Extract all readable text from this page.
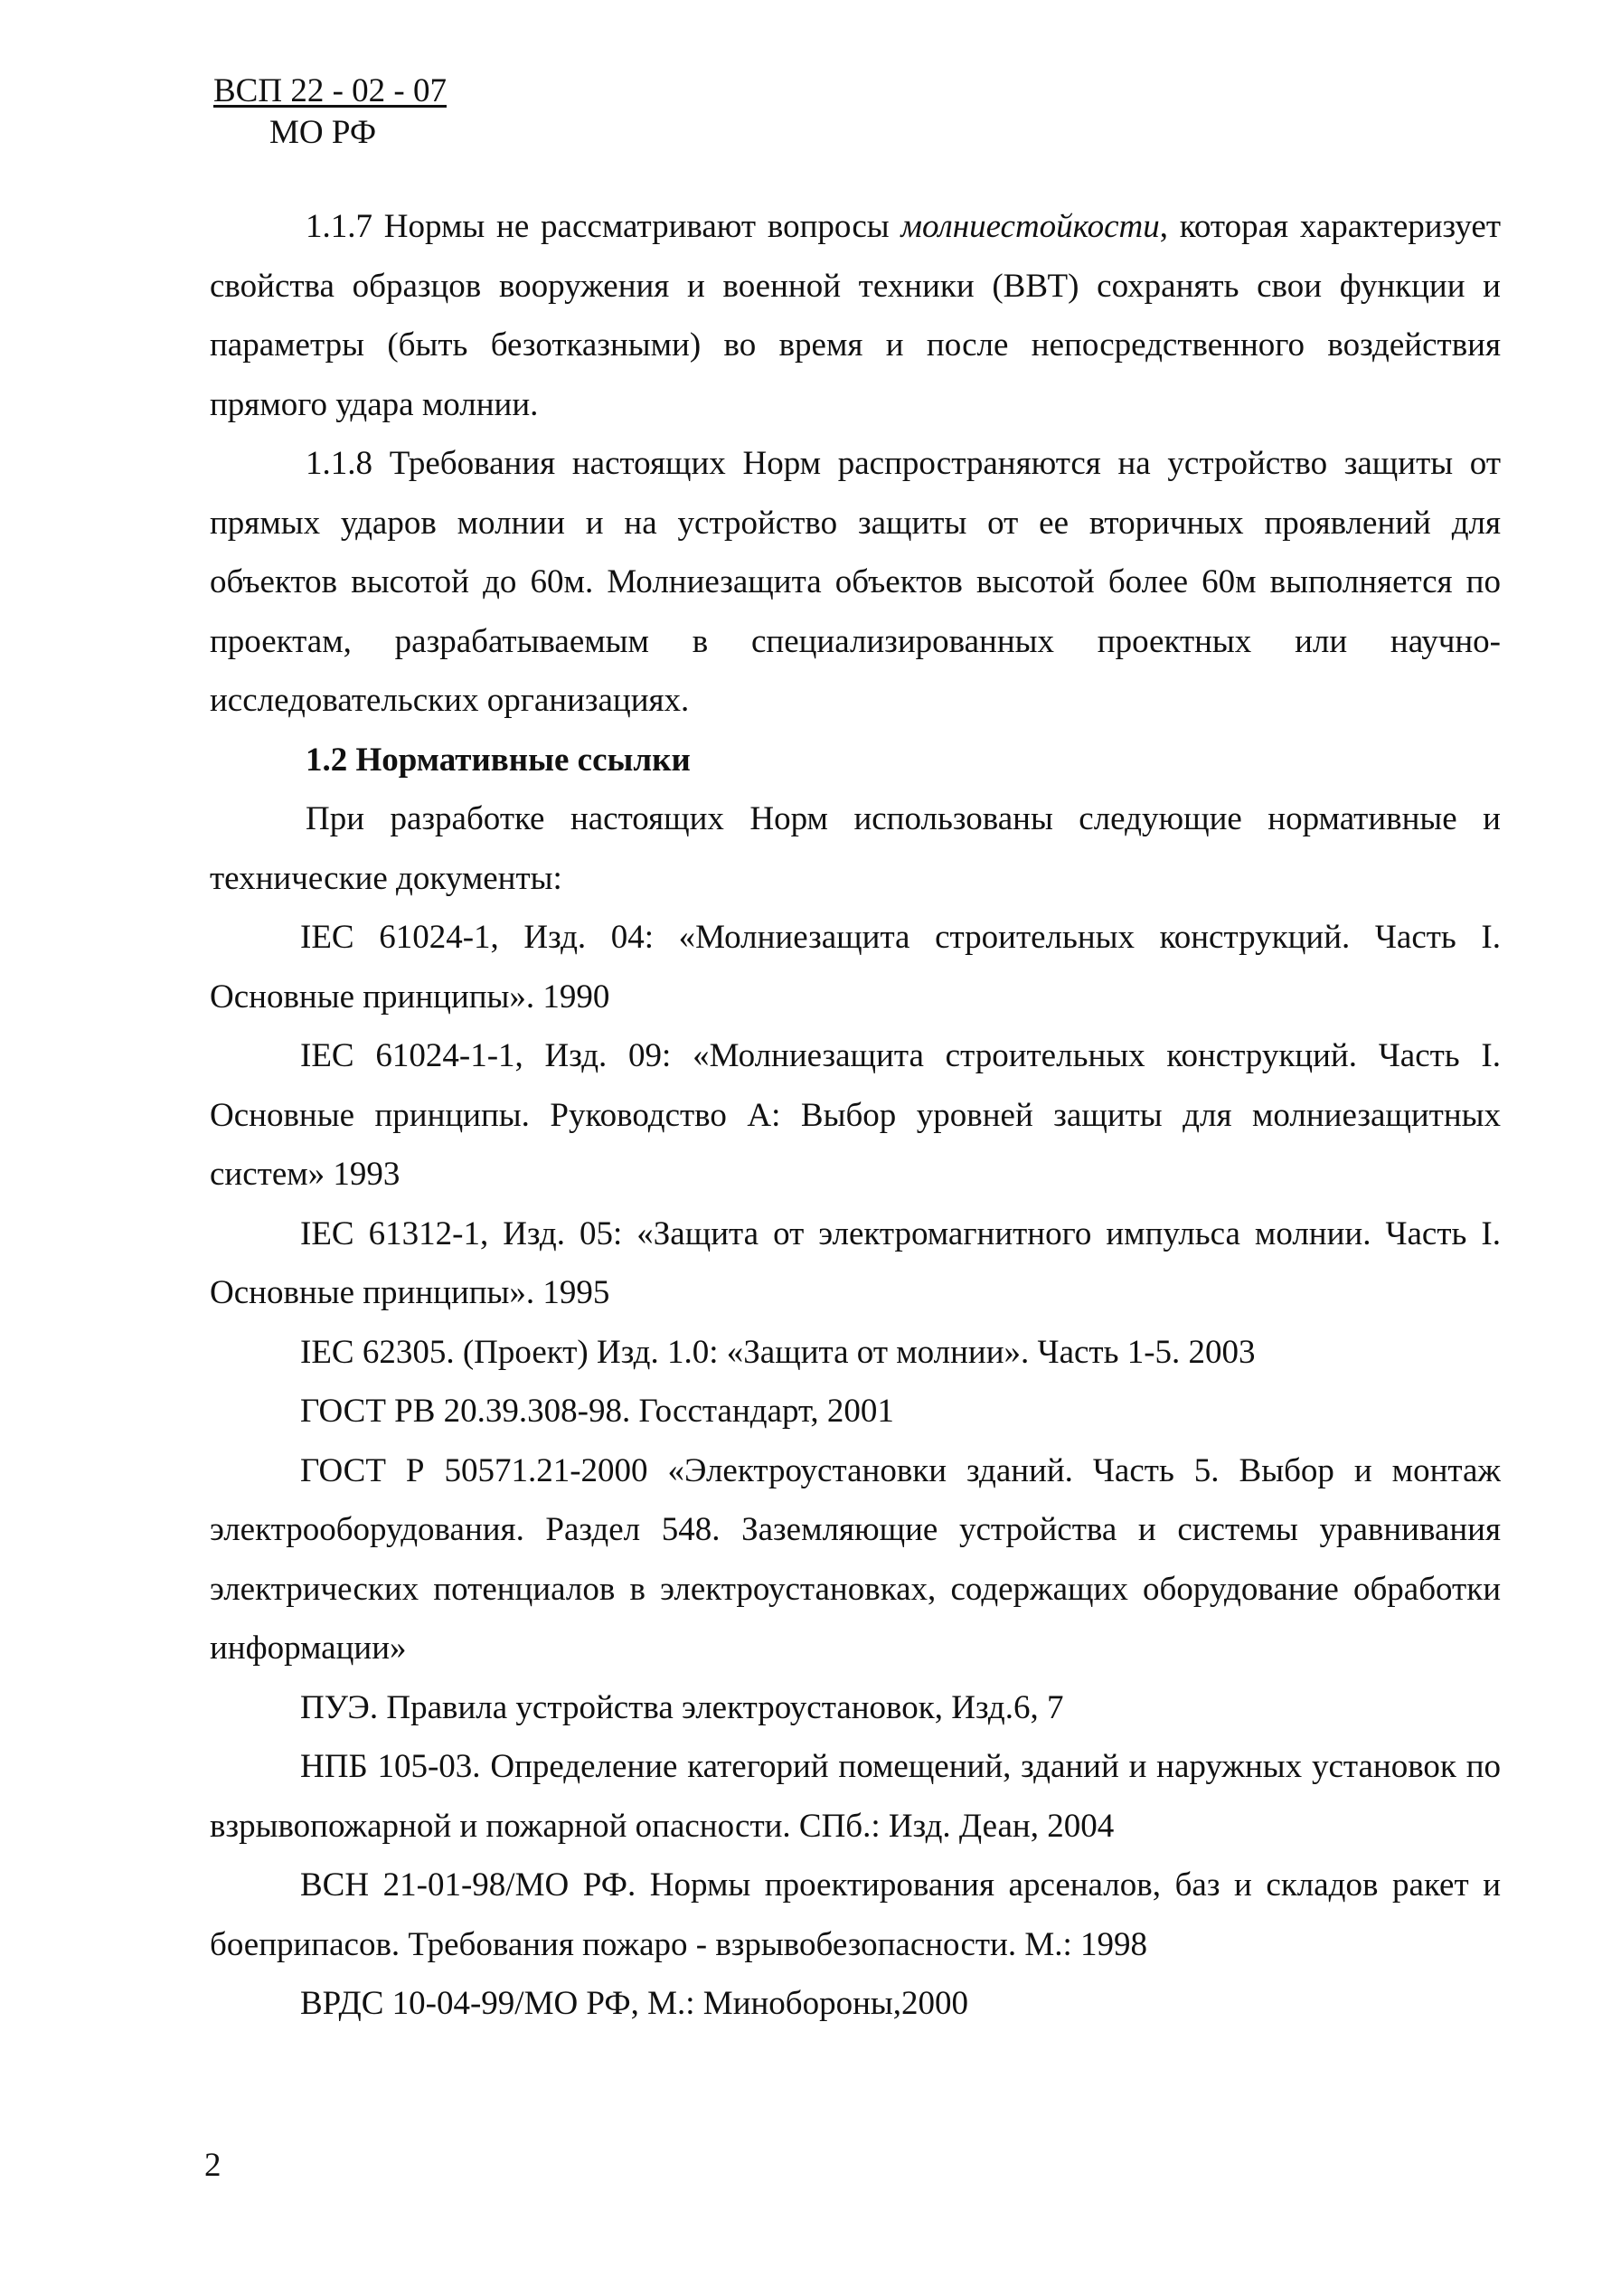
ВСП 22 - 02 - 07
МО РФ

1.1.7 Нормы не рассматривают вопросы молниестойкости, которая характеризует свойства образцов вооружения и военной техники (ВВТ) сохранять свои функции и параметры (быть безотказными) во время и после непосредственного воздействия прямого удара молнии.

1.1.8 Требования настоящих Норм распространяются на устройство защиты от прямых ударов молнии и на устройство защиты от ее вторичных проявлений для объектов высотой до 60м. Молниезащита объектов высотой более 60м выполняется по проектам, разрабатываемым в специализированных проектных или научно-исследовательских организациях.

1.2 Нормативные ссылки

При разработке настоящих Норм использованы следующие нормативные и технические документы:

IEC 61024-1, Изд. 04: «Молниезащита строительных конструкций. Часть I. Основные принципы». 1990

IEC 61024-1-1, Изд. 09: «Молниезащита строительных конструкций. Часть I. Основные принципы. Руководство А: Выбор уровней защиты для молниезащитных систем» 1993

IEC 61312-1, Изд. 05: «Защита от электромагнитного импульса молнии. Часть I. Основные принципы». 1995

IEC 62305. (Проект) Изд. 1.0: «Защита от молнии». Часть 1-5. 2003

ГОСТ РВ 20.39.308-98. Госстандарт, 2001

ГОСТ Р 50571.21-2000 «Электроустановки зданий. Часть 5. Выбор и монтаж электрооборудования. Раздел 548. Заземляющие устройства и системы уравнивания электрических потенциалов в электроустановках, содержащих оборудование обработки информации»

ПУЭ. Правила устройства электроустановок, Изд.6, 7

НПБ 105-03. Определение категорий помещений, зданий и наружных установок по взрывопожарной и пожарной опасности. СПб.: Изд. Деан, 2004

ВСН 21-01-98/МО РФ. Нормы проектирования арсеналов, баз и складов ракет и боеприпасов. Требования пожаро - взрывобезопасности. М.: 1998

ВРДС 10-04-99/МО РФ, М.: Минобороны,2000

2
